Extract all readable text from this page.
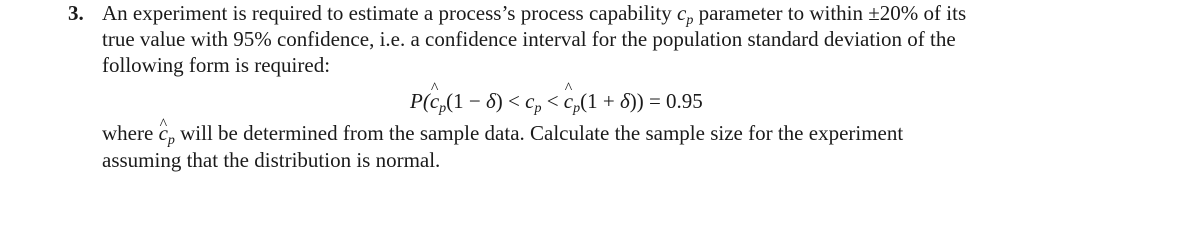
3. An experiment is required to estimate a process’s process capability $c_p$ parameter to within ±20% of its
true value with 95% confidence, i.e. a confidence interval for the population standard deviation of the
following form is required:
P(^ $c_p(1 - \delta) < c_p$ < ^ $c_p(1 + \delta)) = 0.95$
where ^ $c_p$ will be determined from the sample data. Calculate the sample size for the experiment
assuming that the distribution is normal.
